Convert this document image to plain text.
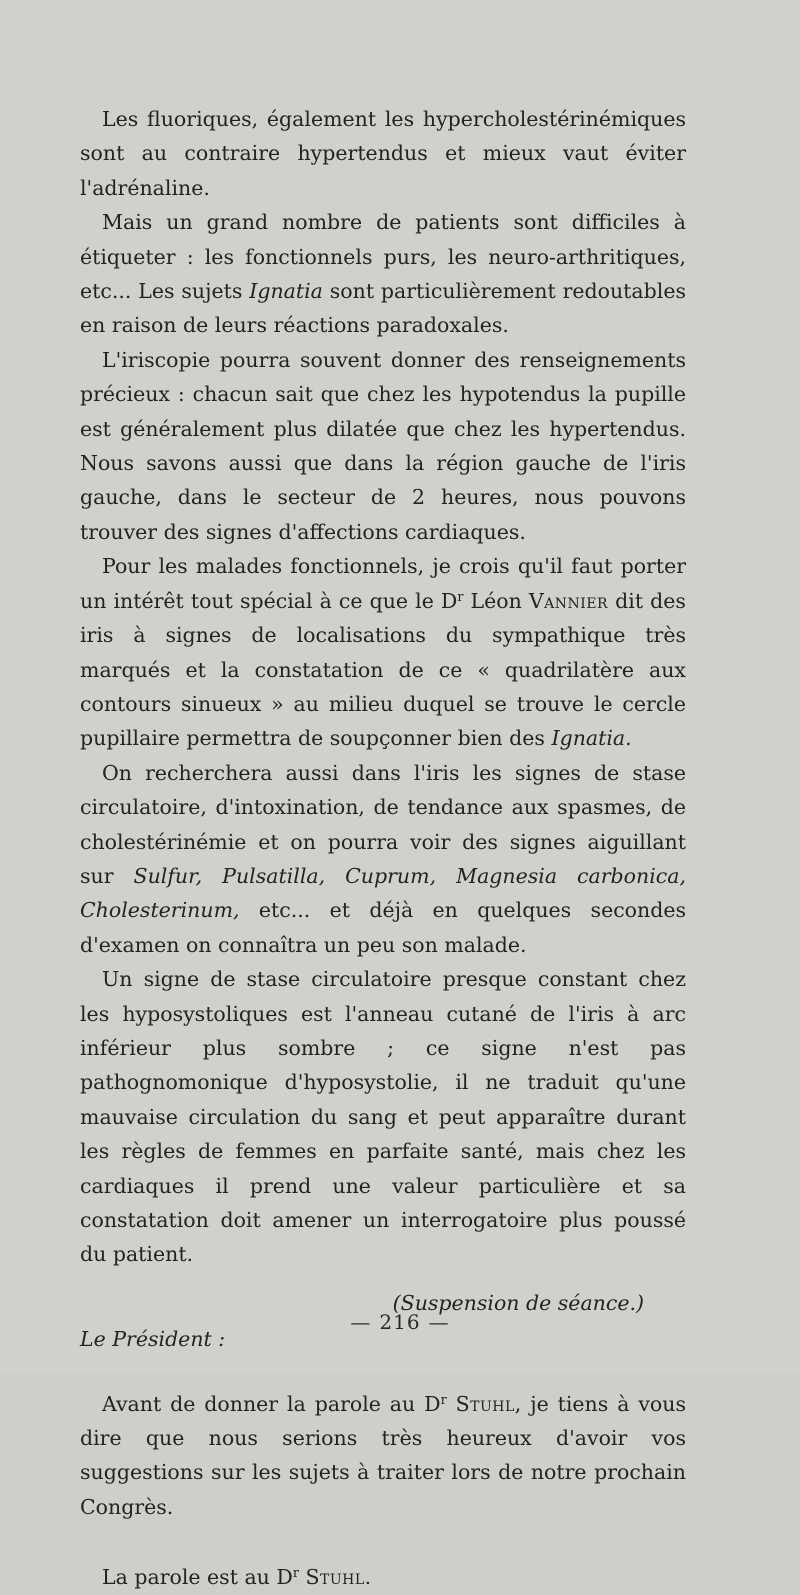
Les fluoriques, également les hypercholestérinémiques sont au contraire hypertendus et mieux vaut éviter l'adrénaline.

Mais un grand nombre de patients sont difficiles à étiqueter : les fonctionnels purs, les neuro-arthritiques, etc... Les sujets Ignatia sont particulièrement redoutables en raison de leurs réactions paradoxales.

L'iriscopie pourra souvent donner des renseignements précieux : chacun sait que chez les hypotendus la pupille est généralement plus dilatée que chez les hypertendus. Nous savons aussi que dans la région gauche de l'iris gauche, dans le secteur de 2 heures, nous pouvons trouver des signes d'affections cardiaques.

Pour les malades fonctionnels, je crois qu'il faut porter un intérêt tout spécial à ce que le $D^r$ Léon Vannier dit des iris à signes de localisations du sympathique très marqués et la constatation de ce « quadrilatère aux contours sinueux » au milieu duquel se trouve le cercle pupillaire permettra de soupçonner bien des Ignatia.

On recherchera aussi dans l'iris les signes de stase circulatoire, d'intoxination, de tendance aux spasmes, de cholestérinémie et on pourra voir des signes aiguillant sur Sulfur, Pulsatilla, Cuprum, Magnesia carbonica, Cholesterinum, etc... et déjà en quelques secondes d'examen on connaîtra un peu son malade.

Un signe de stase circulatoire presque constant chez les hyposystoliques est l'anneau cutané de l'iris à arc inférieur plus sombre ; ce signe n'est pas pathognomonique d'hyposystolie, il ne traduit qu'une mauvaise circulation du sang et peut apparaître durant les règles de femmes en parfaite santé, mais chez les cardiaques il prend une valeur particulière et sa constatation doit amener un interrogatoire plus poussé du patient.

(Suspension de séance.)

Le Président :

Avant de donner la parole au $D^r$ Stuhl, je tiens à vous dire que nous serions très heureux d'avoir vos suggestions sur les sujets à traiter lors de notre prochain Congrès.

La parole est au $D^r$ Stuhl.

— 216 —
